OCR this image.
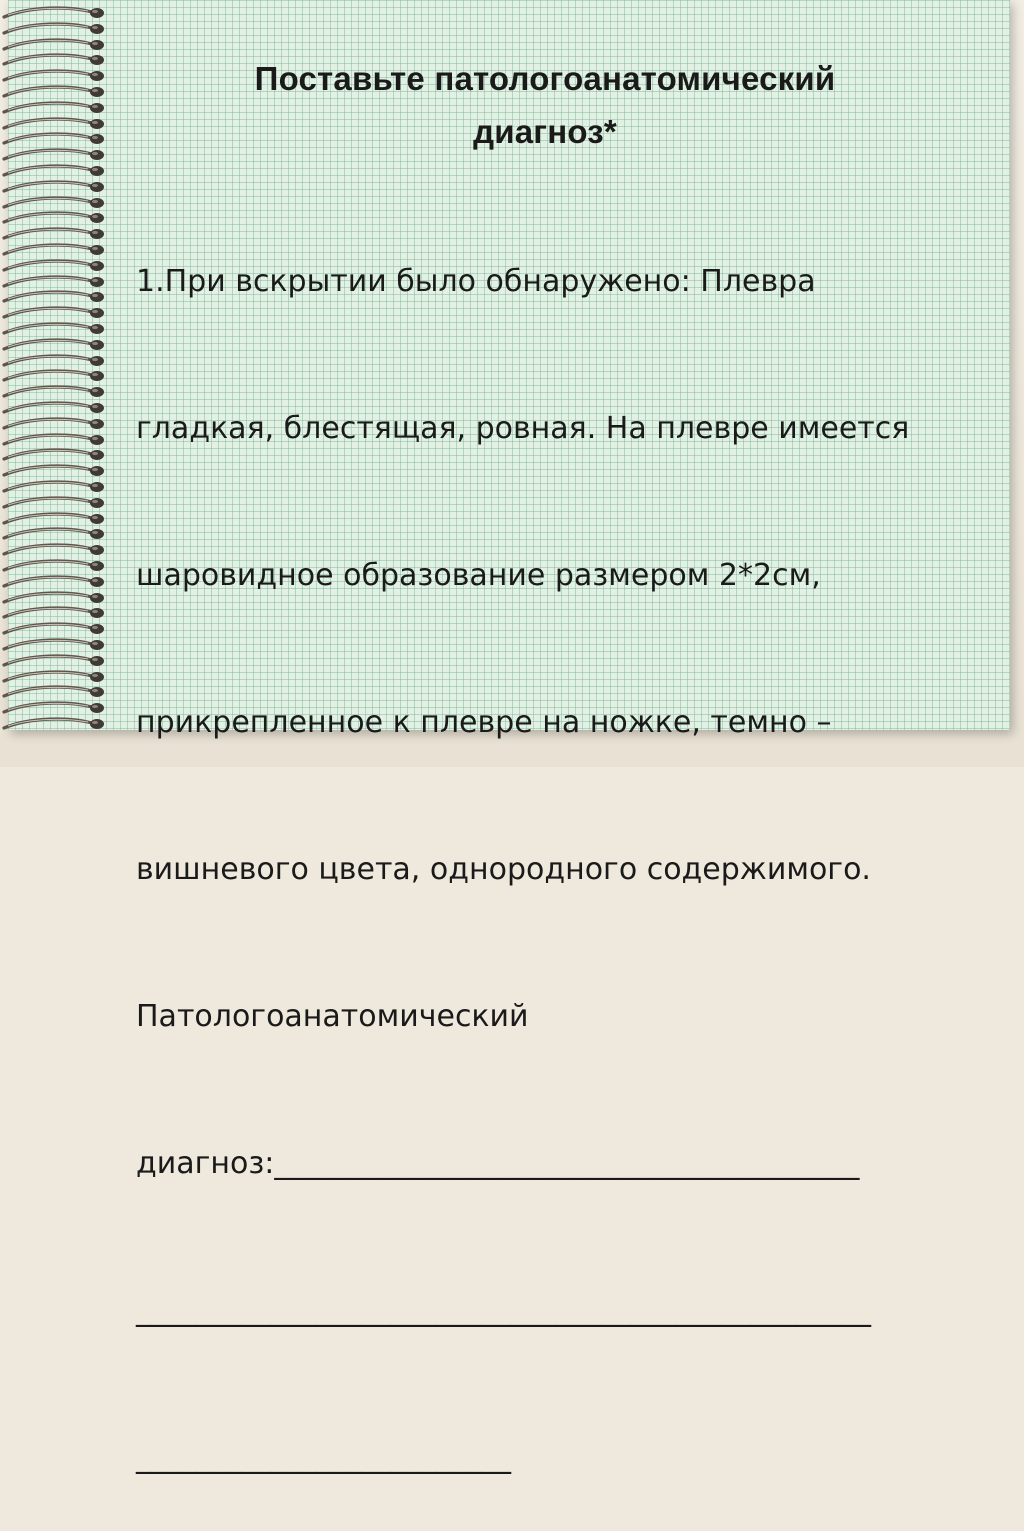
Поставьте патологоанатомический
диагноз*

1.При вскрытии было обнаружено: Плевра

гладкая, блестящая, ровная. На плевре имеется

шаровидное образование размером 2*2см,

прикрепленное к плевре на ножке, темно –

вишневого цвета, однородного содержимого.

Патологоанатомический

диагноз:_______________________________________

_________________________________________________

_________________________
